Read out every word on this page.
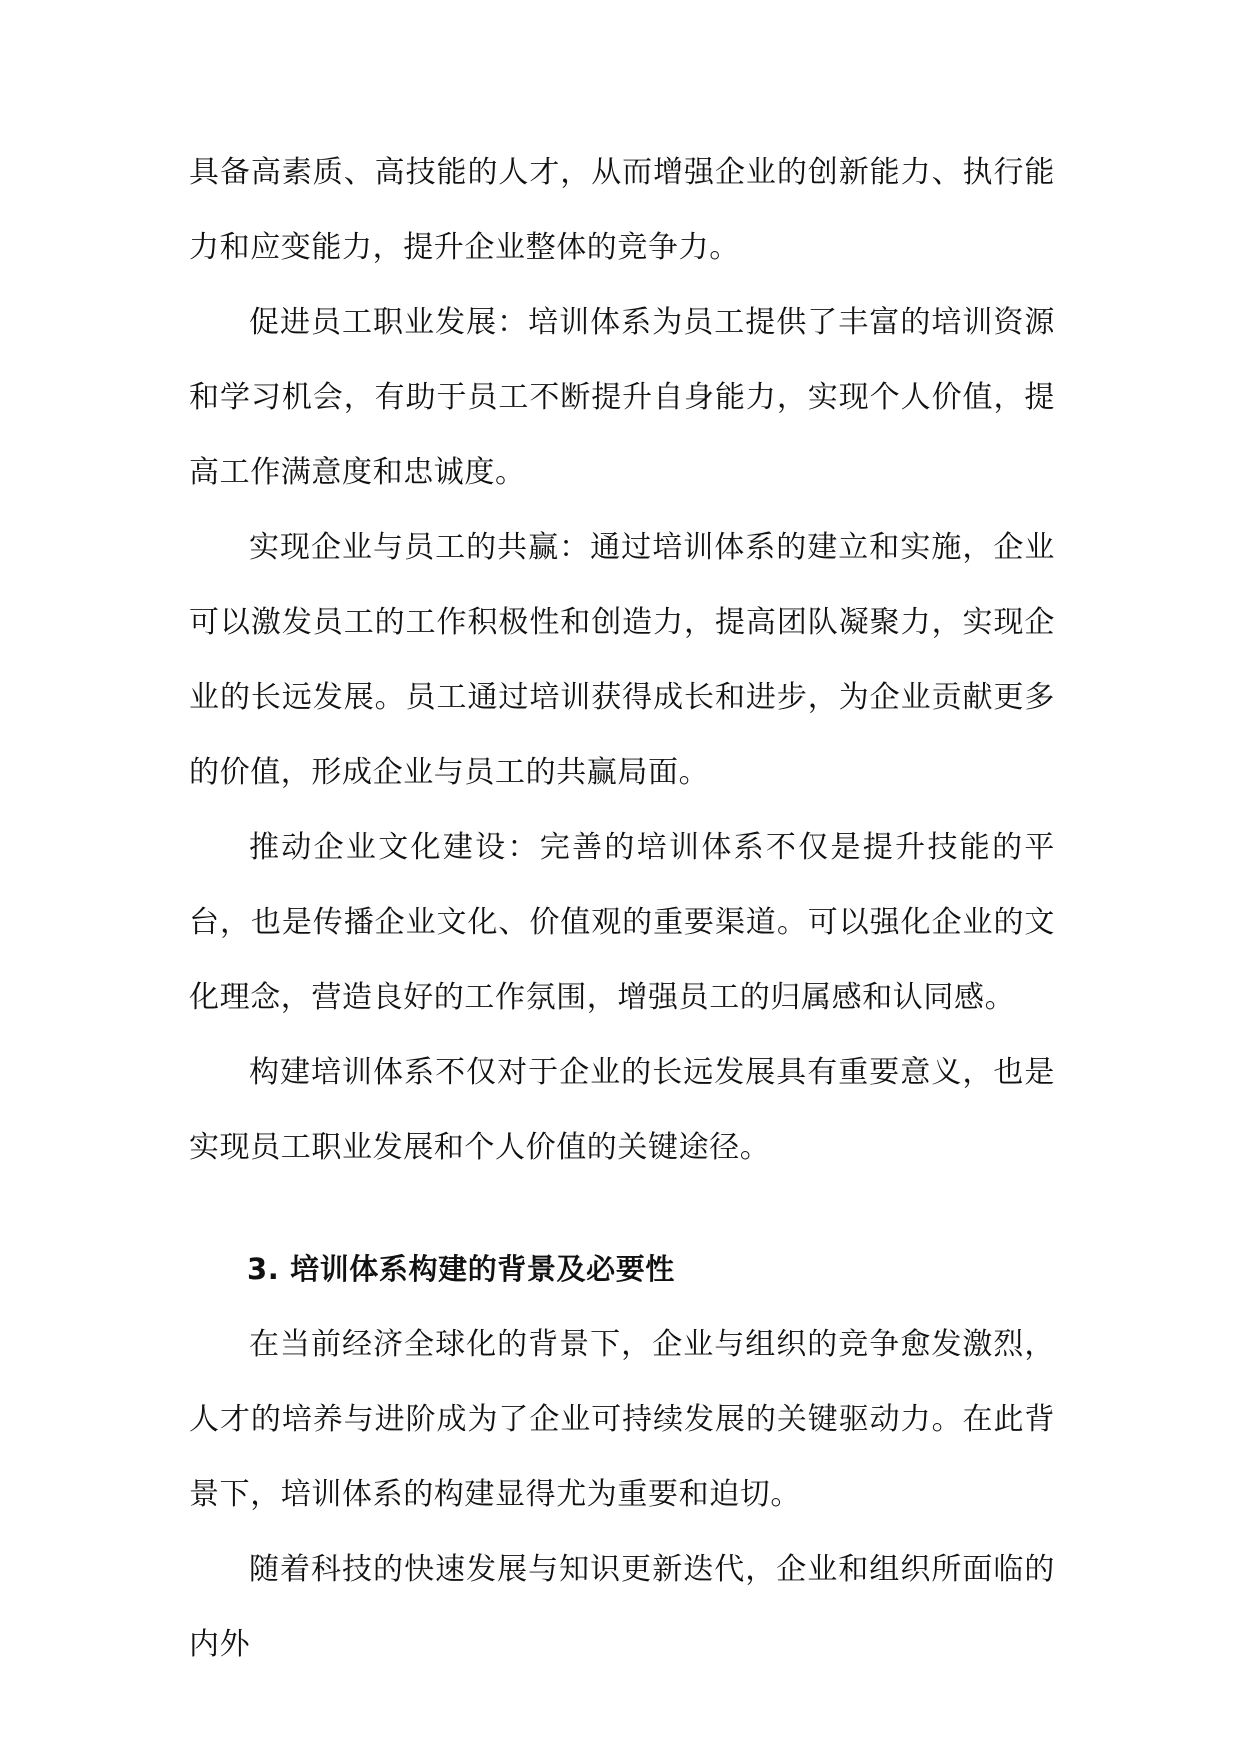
具备高素质、高技能的人才，从而增强企业的创新能力、执行能力和应变能力，提升企业整体的竞争力。

促进员工职业发展：培训体系为员工提供了丰富的培训资源和学习机会，有助于员工不断提升自身能力，实现个人价值，提高工作满意度和忠诚度。

实现企业与员工的共赢：通过培训体系的建立和实施，企业可以激发员工的工作积极性和创造力，提高团队凝聚力，实现企业的长远发展。员工通过培训获得成长和进步，为企业贡献更多的价值，形成企业与员工的共赢局面。

推动企业文化建设：完善的培训体系不仅是提升技能的平台，也是传播企业文化、价值观的重要渠道。可以强化企业的文化理念，营造良好的工作氛围，增强员工的归属感和认同感。

构建培训体系不仅对于企业的长远发展具有重要意义，也是实现员工职业发展和个人价值的关键途径。

3. 培训体系构建的背景及必要性

在当前经济全球化的背景下，企业与组织的竞争愈发激烈，人才的培养与进阶成为了企业可持续发展的关键驱动力。在此背景下，培训体系的构建显得尤为重要和迫切。

随着科技的快速发展与知识更新迭代，企业和组织所面临的内外
